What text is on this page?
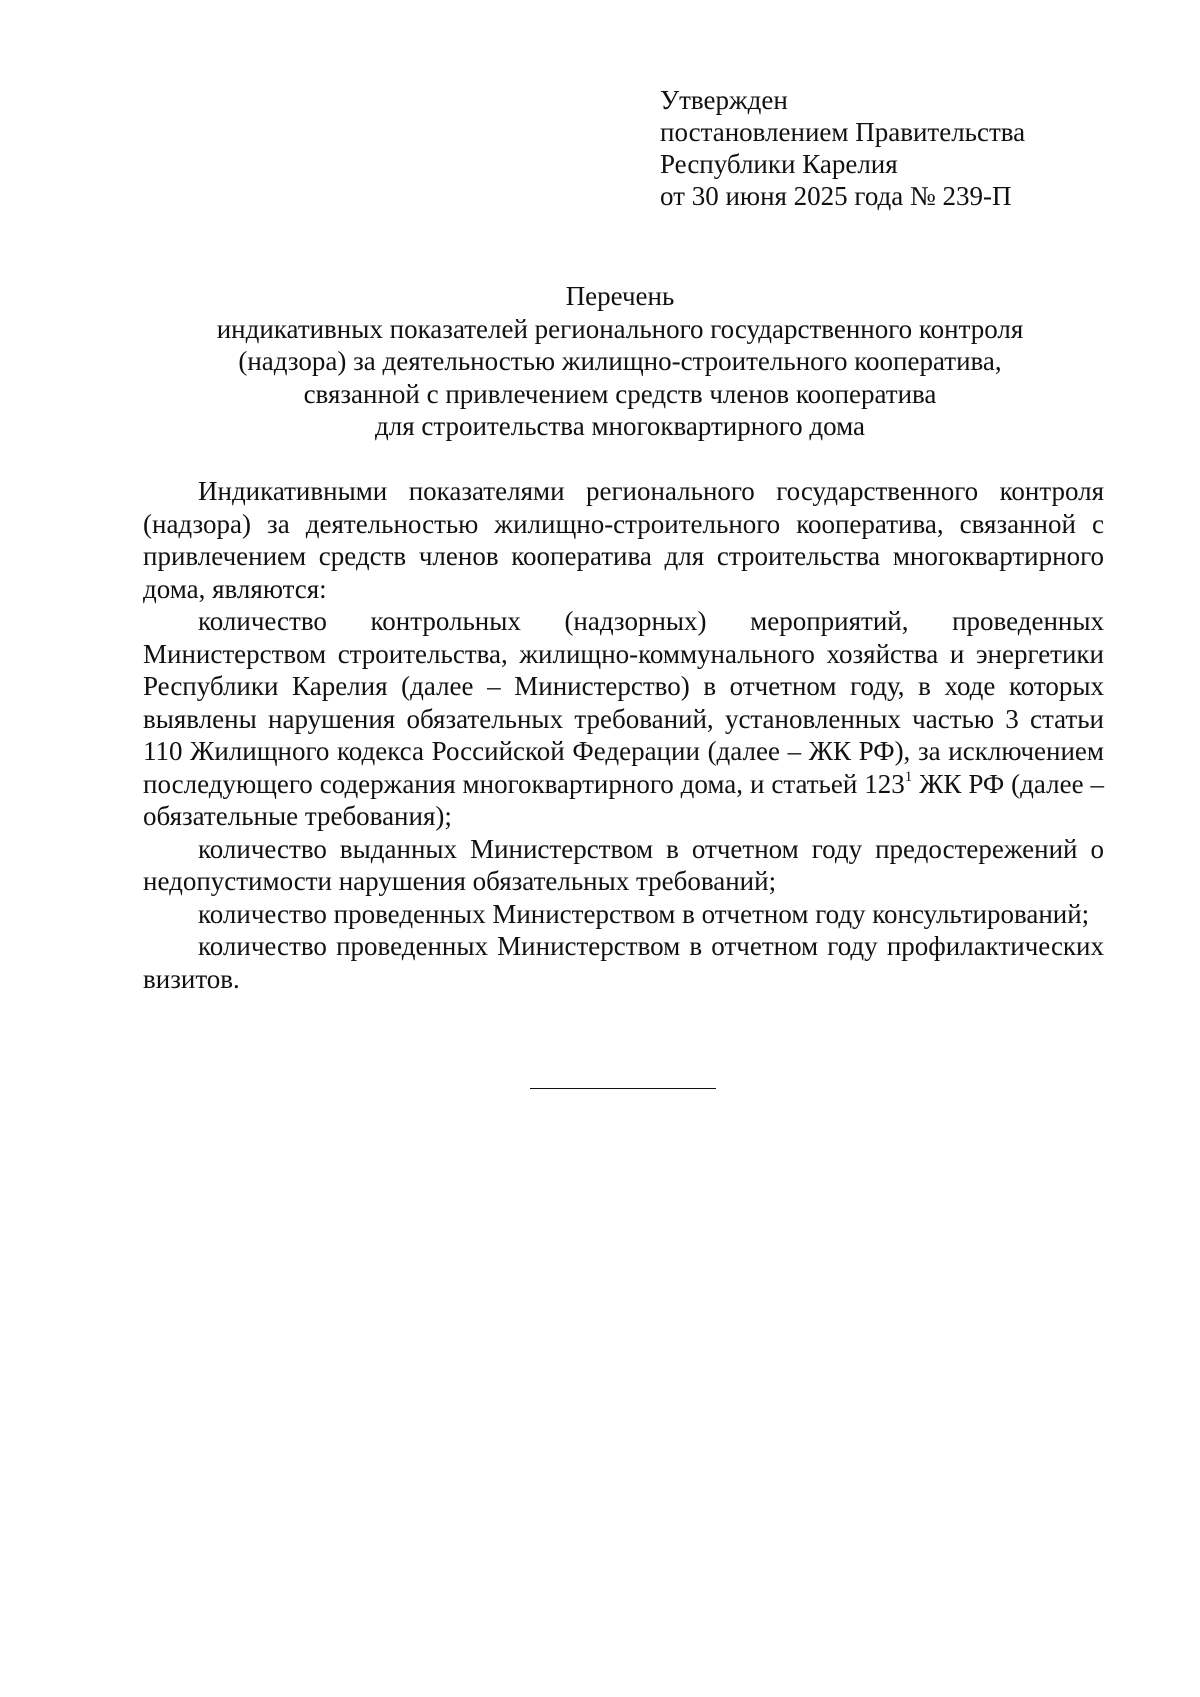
Утвержден
постановлением Правительства
Республики Карелия
от 30 июня 2025 года № 239-П
Перечень
индикативных показателей регионального государственного контроля
(надзора) за деятельностью жилищно-строительного кооператива,
связанной с привлечением средств членов кооператива
для строительства многоквартирного дома

Индикативными показателями регионального государственного контроля (надзора) за деятельностью жилищно-строительного кооператива, связанной с привлечением средств членов кооператива для строительства многоквартирного дома, являются:

количество контрольных (надзорных) мероприятий, проведенных Министерством строительства, жилищно-коммунального хозяйства и энергетики Республики Карелия (далее – Министерство) в отчетном году, в ходе которых выявлены нарушения обязательных требований, установленных частью 3 статьи 110 Жилищного кодекса Российской Федерации (далее – ЖК РФ), за исключением последующего содержания многоквартирного дома, и статьей $123^1$ ЖК РФ (далее – обязательные требования);

количество выданных Министерством в отчетном году предостережений о недопустимости нарушения обязательных требований;

количество проведенных Министерством в отчетном году консультирований;

количество проведенных Министерством в отчетном году профилактических визитов.
